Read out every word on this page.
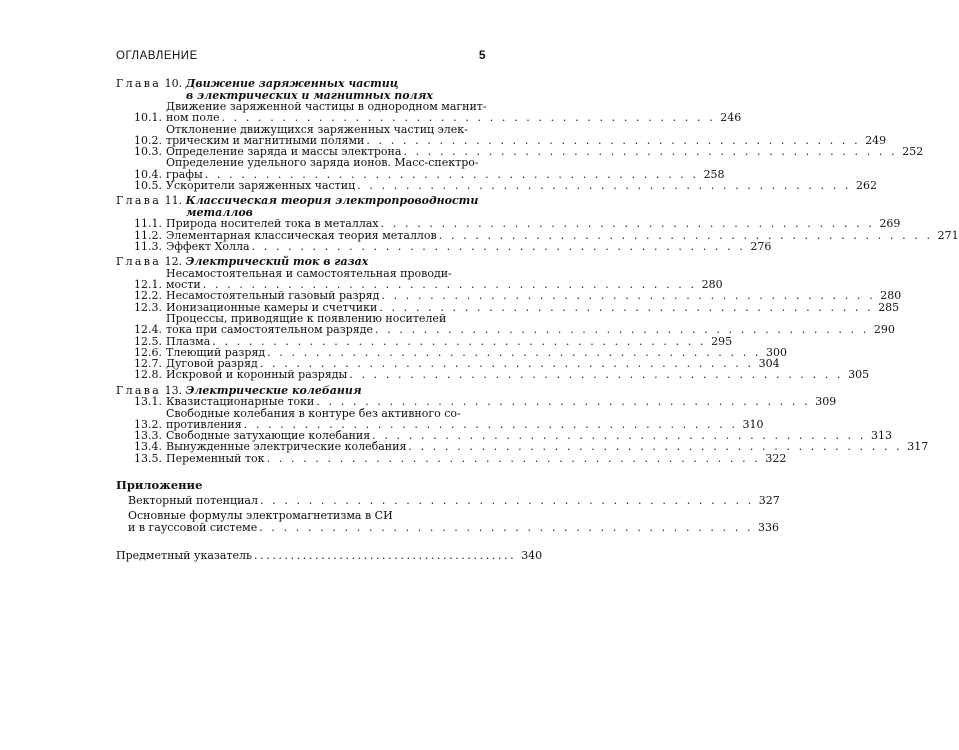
ОГЛАВЛЕНИЕ	5
Глава 10. Движение заряженных частиц
в электрических и магнитных полях
10.1.
Движение заряженной частицы в однородном магнит-
ном поле . . . . . . . . . . . . . . . . . . . . . . . . . . . . . . . . . . . . . . . . . 246
10.2.
Отклонение движущихся заряженных частиц элек-
трическим и магнитными полями . . . . . . . . . . . . . . . . . . . . . . . . . . . . . . . . . . . . . . . . . 249
10.3. Определение заряда и массы электрона . . . . . . . . . . . . . . . . . . . . . . . . . . . . . . . . . . . . . . . . . 252
10.4.
Определение удельного заряда ионов. Масс-спектро-
графы . . . . . . . . . . . . . . . . . . . . . . . . . . . . . . . . . . . . . . . . . 258
10.5. Ускорители заряженных частиц . . . . . . . . . . . . . . . . . . . . . . . . . . . . . . . . . . . . . . . . . 262
Глава 11. Классическая теория электропроводности
металлов
11.1. Природа носителей тока в металлах . . . . . . . . . . . . . . . . . . . . . . . . . . . . . . . . . . . . . . . . . 269
11.2. Элементарная классическая теория металлов . . . . . . . . . . . . . . . . . . . . . . . . . . . . . . . . . . . . . . . . . 271
11.3. Эффект Холла . . . . . . . . . . . . . . . . . . . . . . . . . . . . . . . . . . . . . . . . . 276
Глава 12. Электрический ток в газах
12.1.
Несамостоятельная и самостоятельная проводи-
мости . . . . . . . . . . . . . . . . . . . . . . . . . . . . . . . . . . . . . . . . . 280
12.2. Несамостоятельный газовый разряд . . . . . . . . . . . . . . . . . . . . . . . . . . . . . . . . . . . . . . . . . 280
12.3. Ионизационные камеры и счетчики . . . . . . . . . . . . . . . . . . . . . . . . . . . . . . . . . . . . . . . . . 285
12.4.
Процессы, приводящие к появлению носителей
тока при самостоятельном разряде . . . . . . . . . . . . . . . . . . . . . . . . . . . . . . . . . . . . . . . . . 290
12.5. Плазма . . . . . . . . . . . . . . . . . . . . . . . . . . . . . . . . . . . . . . . . . 295
12.6. Тлеющий разряд . . . . . . . . . . . . . . . . . . . . . . . . . . . . . . . . . . . . . . . . . 300
12.7. Дуговой разряд . . . . . . . . . . . . . . . . . . . . . . . . . . . . . . . . . . . . . . . . . 304
12.8. Искровой и коронный разряды . . . . . . . . . . . . . . . . . . . . . . . . . . . . . . . . . . . . . . . . . 305
Глава 13. Электрические колебания
13.1. Квазистационарные токи . . . . . . . . . . . . . . . . . . . . . . . . . . . . . . . . . . . . . . . . . 309
13.2.
Свободные колебания в контуре без активного со-
противления . . . . . . . . . . . . . . . . . . . . . . . . . . . . . . . . . . . . . . . . . 310
13.3. Свободные затухающие колебания . . . . . . . . . . . . . . . . . . . . . . . . . . . . . . . . . . . . . . . . . 313
13.4. Вынужденные электрические колебания . . . . . . . . . . . . . . . . . . . . . . . . . . . . . . . . . . . . . . . . . 317
13.5. Переменный ток . . . . . . . . . . . . . . . . . . . . . . . . . . . . . . . . . . . . . . . . . 322
Приложение
Векторный потенциал . . . . . . . . . . . . . . . . . . . . . . . . . . . . . . . . . . . . . . . . . 327
Основные формулы электромагнетизма в СИ
и в гауссовой системе . . . . . . . . . . . . . . . . . . . . . . . . . . . . . . . . . . . . . . . . . 336
Предметный указатель ........................................... 340
